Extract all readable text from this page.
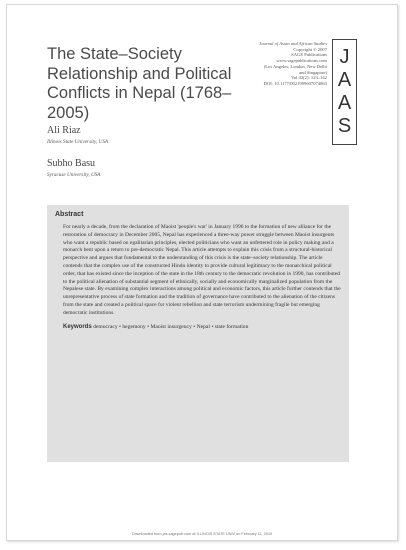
The State–Society Relationship and Political Conflicts in Nepal (1768–2005)
Journal of Asian and African Studies
Copyright © 2007
SAGE Publications
www.sagepublications.com
(Los Angeles, London, New Delhi
and Singapore)
Vol 42(2): 123–142
DOI: 10.1177/0021909607074863
J
A
A
S
Ali Riaz
Illinois State University, USA
Subho Basu
Syracuse University, USA
Abstract

For nearly a decade, from the declaration of Maoist 'people's war' in January 1996 to the formation of new alliance for the restoration of democracy in December 2005, Nepal has experienced a three-way power struggle between Maoist insurgents who want a republic based on egalitarian principles, elected politicians who want an unfettered role in policy making and a monarch bent upon a return to pre-democratic Nepal. This article attempts to explain this crisis from a structural-historical perspective and argues that fundamental to the understanding of this crisis is the state–society relationship. The article contends that the complex use of the constructed Hindu identity to provide cultural legitimacy to the monarchical political order, that has existed since the inception of the state in the 18th century to the democratic revolution in 1990, has contributed to the political alienation of substantial segment of ethnically, socially and economically marginalized population from the Nepalese state. By examining complex interactions among political and economic factors, this article further contends that the unrepresentative process of state formation and the tradition of governance have contributed to the alienation of the citizens from the state and created a political space for violent rebellion and state terrorism undermining fragile but emerging democratic institutions.

Keywords democracy • hegemony • Maoist insurgency • Nepal • state formation
Downloaded from jas.sagepub.com at ILLINOIS STATE UNIV on February 11, 2015
